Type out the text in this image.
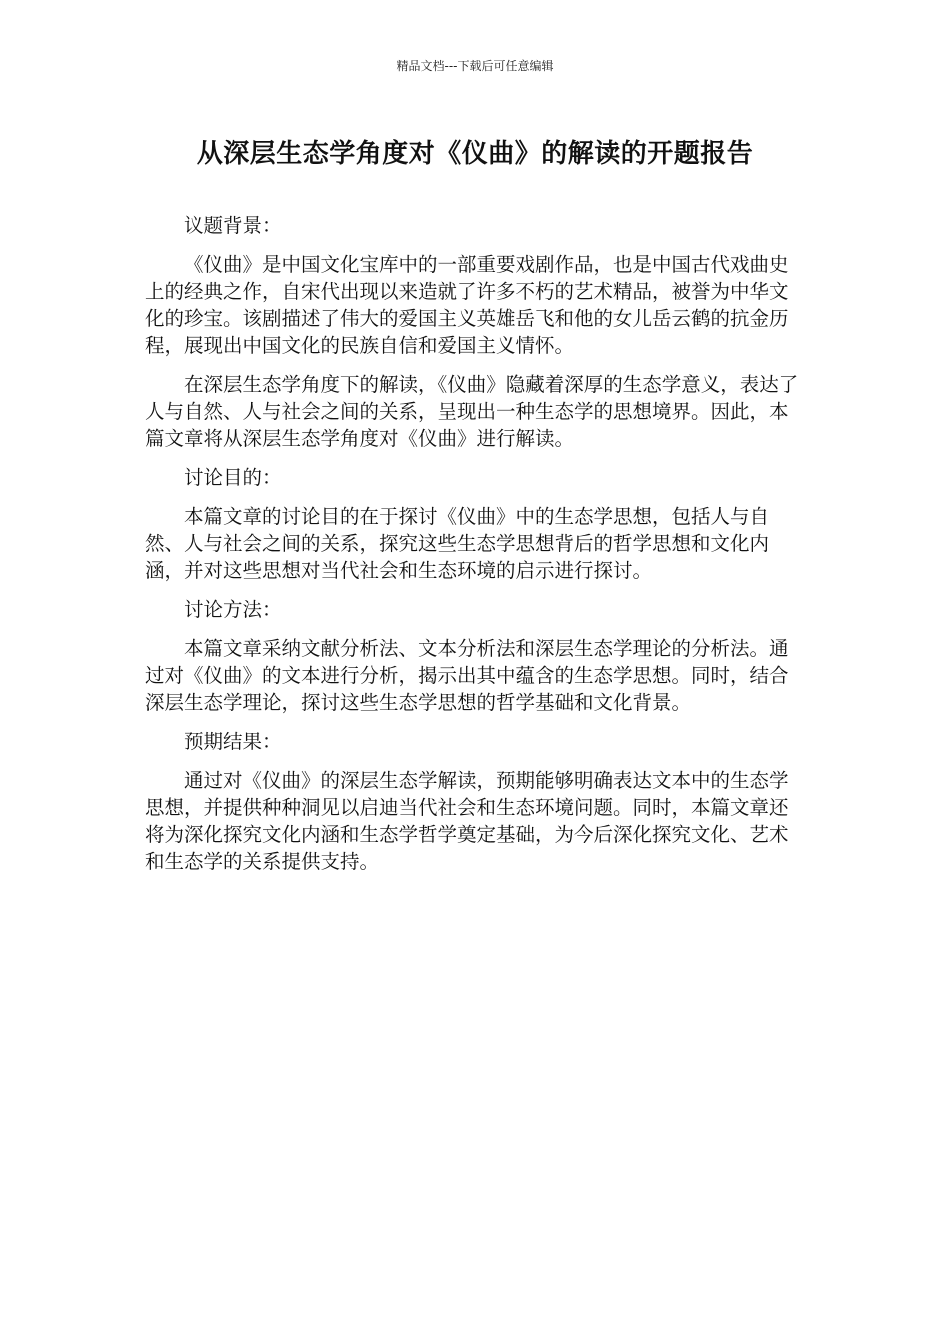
精品文档---下载后可任意编辑
从深层生态学角度对《仪曲》的解读的开题报告

议题背景：

《仪曲》是中国文化宝库中的一部重要戏剧作品，也是中国古代戏曲史上的经典之作，自宋代出现以来造就了许多不朽的艺术精品，被誉为中华文化的珍宝。该剧描述了伟大的爱国主义英雄岳飞和他的女儿岳云鹤的抗金历程，展现出中国文化的民族自信和爱国主义情怀。

在深层生态学角度下的解读，《仪曲》隐藏着深厚的生态学意义，表达了人与自然、人与社会之间的关系，呈现出一种生态学的思想境界。因此，本篇文章将从深层生态学角度对《仪曲》进行解读。

讨论目的：

本篇文章的讨论目的在于探讨《仪曲》中的生态学思想，包括人与自然、人与社会之间的关系，探究这些生态学思想背后的哲学思想和文化内涵，并对这些思想对当代社会和生态环境的启示进行探讨。

讨论方法：

本篇文章采纳文献分析法、文本分析法和深层生态学理论的分析法。通过对《仪曲》的文本进行分析，揭示出其中蕴含的生态学思想。同时，结合深层生态学理论，探讨这些生态学思想的哲学基础和文化背景。

预期结果：

通过对《仪曲》的深层生态学解读，预期能够明确表达文本中的生态学思想，并提供种种洞见以启迪当代社会和生态环境问题。同时，本篇文章还将为深化探究文化内涵和生态学哲学奠定基础，为今后深化探究文化、艺术和生态学的关系提供支持。
